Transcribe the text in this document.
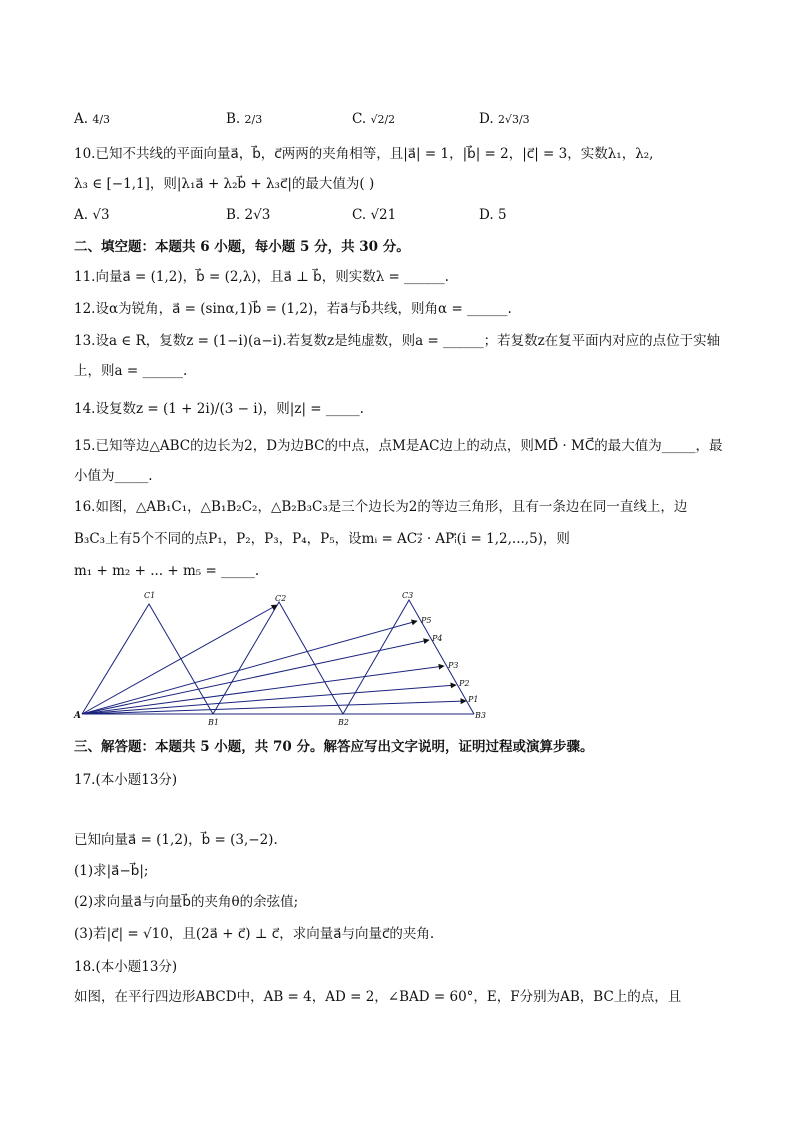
A. 4/3	B. 2/3	C. √2/2	D. 2√3/3
10.已知不共线的平面向量a⃗，b⃗，c⃗两两的夹角相等，且|a⃗| = 1，|b⃗| = 2，|c⃗| = 3，实数λ₁，λ₂,
λ₃ ∈ [−1,1]，则|λ₁a⃗ + λ₂b⃗ + λ₃c⃗|的最大值为( )
A. √3	B. 2√3	C. √21	D. 5
二、填空题：本题共 6 小题，每小题 5 分，共 30 分。
11.向量a⃗ = (1,2)，b⃗ = (2,λ)，且a⃗ ⊥ b⃗，则实数λ = ______.
12.设α为锐角，a⃗ = (sinα,1)b⃗ = (1,2)，若a⃗与b⃗共线，则角α = ______.
13.设a ∈ R，复数z = (1−i)(a−i).若复数z是纯虚数，则a = ______；若复数z在复平面内对应的点位于实轴
上，则a = ______.
14.设复数z = (1 + 2i)/(3 − i)，则|z| = _____.
15.已知等边△ABC的边长为2，D为边BC的中点，点M是AC边上的动点，则MD⃗ · MC⃗的最大值为_____，最
小值为_____.
16.如图，△AB₁C₁，△B₁B₂C₂，△B₂B₃C₃是三个边长为2的等边三角形，且有一条边在同一直线上，边
B₃C₃上有5个不同的点P₁，P₂，P₃，P₄，P₅，设mᵢ = AC₂⃗ · APᵢ⃗(i = 1,2,...,5)，则
m₁ + m₂ + ... + m₅ = _____.
A
B1	B2
B3
C1	C2	C3
P5
P4
P3
P2
P1
三、解答题：本题共 5 小题，共 70 分。解答应写出文字说明，证明过程或演算步骤。
17.(本小题13分)
已知向量a⃗ = (1,2)，b⃗ = (3,−2).
(1)求|a⃗−b⃗|;
(2)求向量a⃗与向量b⃗的夹角θ的余弦值;
(3)若|c⃗| = √10，且(2a⃗ + c⃗) ⊥ c⃗，求向量a⃗与向量c⃗的夹角.
18.(本小题13分)
如图，在平行四边形ABCD中，AB = 4，AD = 2，∠BAD = 60°，E，F分别为AB，BC上的点，且
